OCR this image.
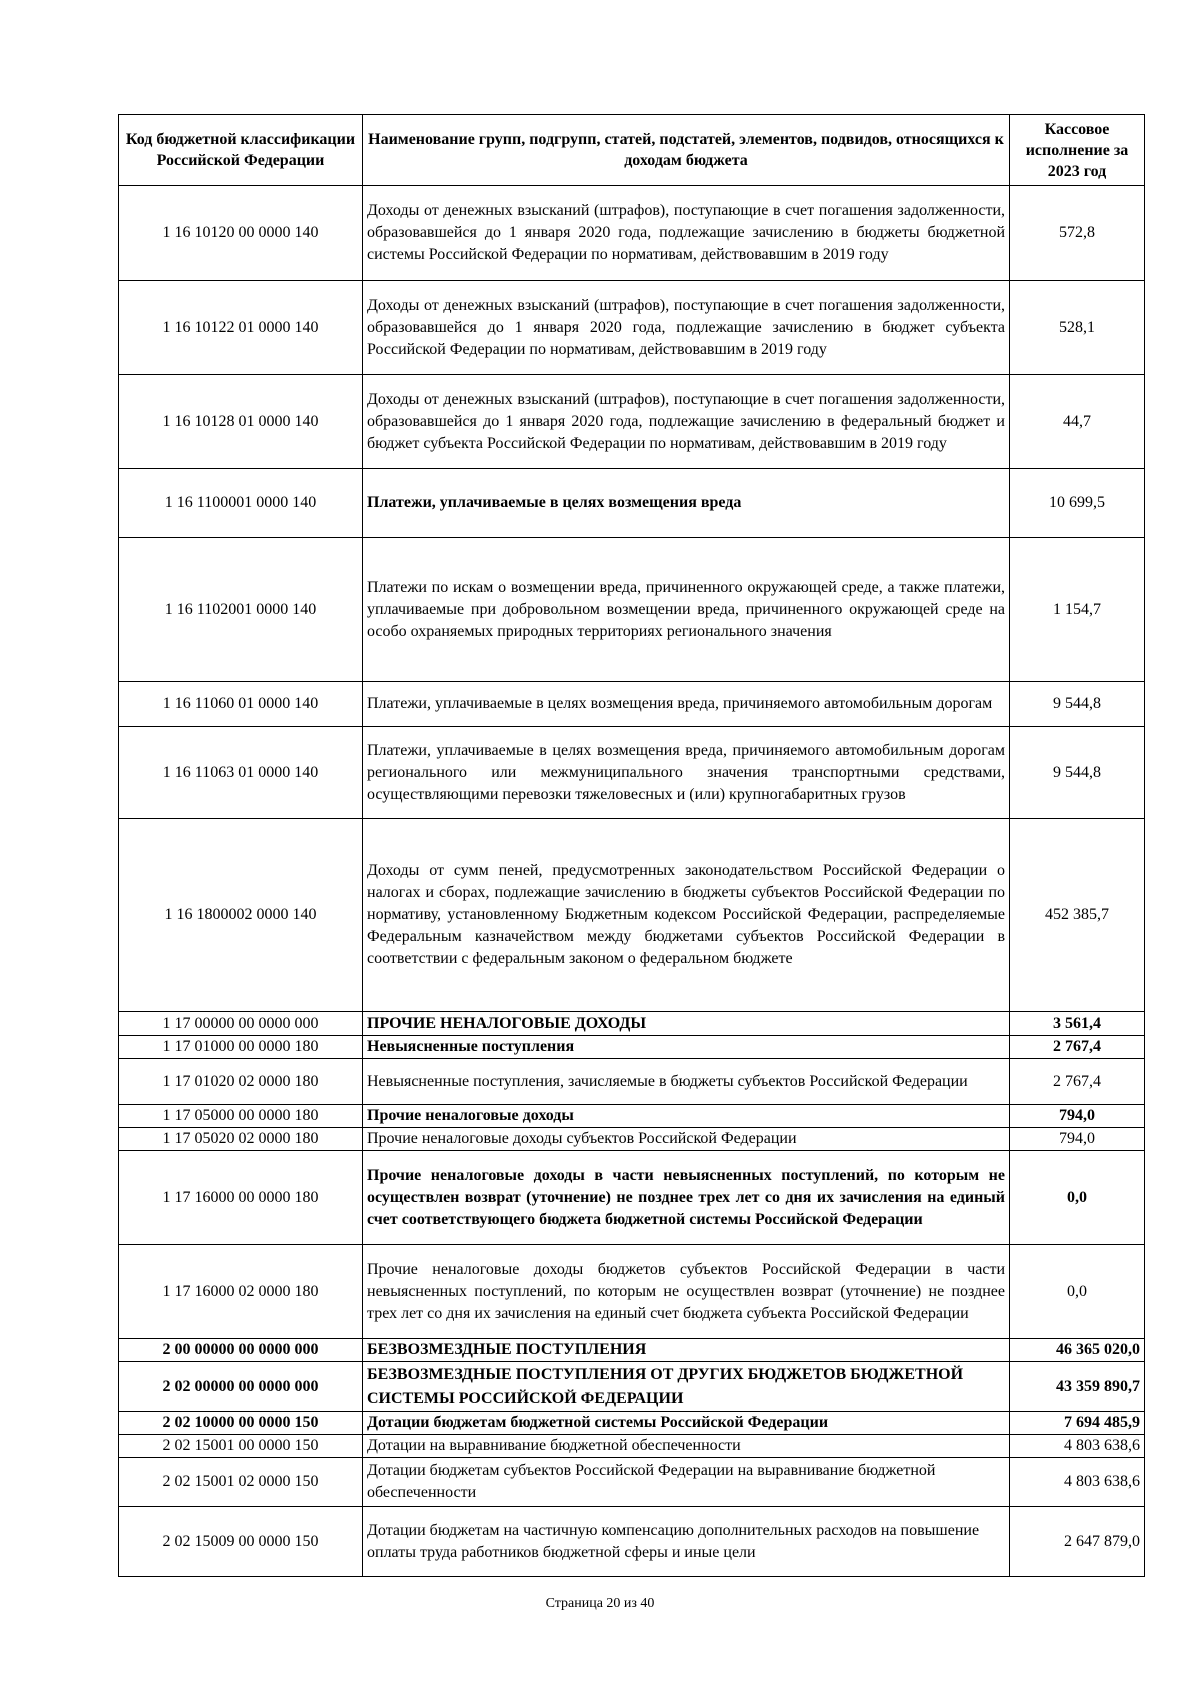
Код бюджетной классификации Российской Федерации	Наименование групп, подгрупп, статей, подстатей, элементов, подвидов, относящихся к доходам бюджета	Кассовое исполнение за 2023 год
1 16 10120 00 0000 140	Доходы от денежных взысканий (штрафов), поступающие в счет погашения задолженности, образовавшейся до 1 января 2020 года, подлежащие зачислению в бюджеты бюджетной системы Российской Федерации по нормативам, действовавшим в 2019 году	572,8
1 16 10122 01 0000 140	Доходы от денежных взысканий (штрафов), поступающие в счет погашения задолженности, образовавшейся до 1 января 2020 года, подлежащие зачислению в бюджет субъекта Российской Федерации по нормативам, действовавшим в 2019 году	528,1
1 16 10128 01 0000 140	Доходы от денежных взысканий (штрафов), поступающие в счет погашения задолженности, образовавшейся до 1 января 2020 года, подлежащие зачислению в федеральный бюджет и бюджет субъекта Российской Федерации по нормативам, действовавшим в 2019 году	44,7
1 16 1100001 0000 140	Платежи, уплачиваемые в целях возмещения вреда	10 699,5
1 16 1102001 0000 140	Платежи по искам о возмещении вреда, причиненного окружающей среде, а также платежи, уплачиваемые при добровольном возмещении вреда, причиненного окружающей среде на особо охраняемых природных территориях регионального значения	1 154,7
1 16 11060 01 0000 140	Платежи, уплачиваемые в целях возмещения вреда, причиняемого автомобильным дорогам	9 544,8
1 16 11063 01 0000 140	Платежи, уплачиваемые в целях возмещения вреда, причиняемого автомобильным дорогам регионального или межмуниципального значения транспортными средствами, осуществляющими перевозки тяжеловесных и (или) крупногабаритных грузов	9 544,8
1 16 1800002 0000 140	Доходы от сумм пеней, предусмотренных законодательством Российской Федерации о налогах и сборах, подлежащие зачислению в бюджеты субъектов Российской Федерации по нормативу, установленному Бюджетным кодексом Российской Федерации, распределяемые Федеральным казначейством между бюджетами субъектов Российской Федерации в соответствии с федеральным законом о федеральном бюджете	452 385,7
1 17 00000 00 0000 000	ПРОЧИЕ НЕНАЛОГОВЫЕ ДОХОДЫ	3 561,4
1 17 01000 00 0000 180	Невыясненные поступления	2 767,4
1 17 01020 02 0000 180	Невыясненные поступления, зачисляемые в бюджеты субъектов Российской Федерации	2 767,4
1 17 05000 00 0000 180	Прочие неналоговые доходы	794,0
1 17 05020 02 0000 180	Прочие неналоговые доходы субъектов Российской Федерации	794,0
1 17 16000 00 0000 180	Прочие неналоговые доходы в части невыясненных поступлений, по которым не осуществлен возврат (уточнение) не позднее трех лет со дня их зачисления на единый счет соответствующего бюджета бюджетной системы Российской Федерации	0,0
1 17 16000 02 0000 180	Прочие неналоговые доходы бюджетов субъектов Российской Федерации в части невыясненных поступлений, по которым не осуществлен возврат (уточнение) не позднее трех лет со дня их зачисления на единый счет бюджета субъекта Российской Федерации	0,0
2 00 00000 00 0000 000	БЕЗВОЗМЕЗДНЫЕ ПОСТУПЛЕНИЯ	46 365 020,0
2 02 00000 00 0000 000	БЕЗВОЗМЕЗДНЫЕ ПОСТУПЛЕНИЯ ОТ ДРУГИХ БЮДЖЕТОВ БЮДЖЕТНОЙ СИСТЕМЫ РОССИЙСКОЙ ФЕДЕРАЦИИ	43 359 890,7
2 02 10000 00 0000 150	Дотации бюджетам бюджетной системы Российской Федерации	7 694 485,9
2 02 15001 00 0000 150	Дотации на выравнивание бюджетной обеспеченности	4 803 638,6
2 02 15001 02 0000 150	Дотации бюджетам субъектов Российской Федерации на выравнивание бюджетной обеспеченности	4 803 638,6
2 02 15009 00 0000 150	Дотации бюджетам на частичную компенсацию дополнительных расходов на повышение оплаты труда работников бюджетной сферы и иные цели	2 647 879,0
Страница 20 из 40
